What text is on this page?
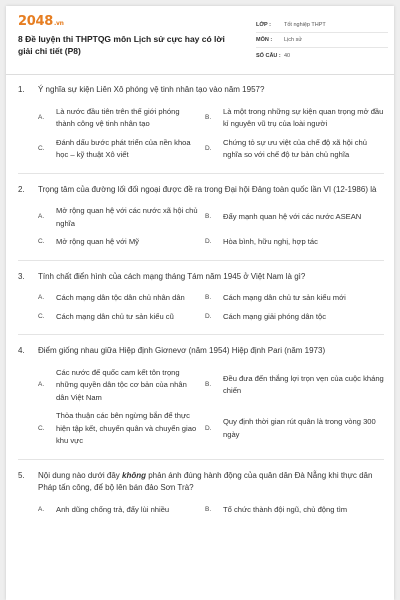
2048.vn
8 Đề luyện thi THPTQG môn Lịch sử cực hay có lời giải chi tiết (P8)
LỚP :	Tốt nghiệp THPT
MÔN :	Lịch sử
SỐ CÂU : 40
1.	Ý nghĩa sự kiện Liên Xô phóng vệ tinh nhân tạo vào năm 1957?
A.
Là nước đầu tiên trên thế giới phóng thành công vệ tinh nhân tạo
B.
Là một trong những sự kiện quan trọng mở đầu kỉ nguyên vũ trụ của loài người
C.
Đánh dấu bước phát triển của nền khoa học – kỹ thuật Xô viết
D.
Chứng tỏ sự ưu việt của chế độ xã hội chủ nghĩa so với chế độ tư bản chủ nghĩa
2.	Trọng tâm của đường lối đối ngoại được đề ra trong Đại hội Đảng toàn quốc lần VI (12-1986) là
A.
Mở rộng quan hệ với các nước xã hội chủ nghĩa
B.	Đẩy mạnh quan hệ với các nước ASEAN
C.	Mở rộng quan hệ với Mỹ	D.	Hòa bình, hữu nghị, hợp tác
3.	Tính chất điển hình của cách mạng tháng Tám năm 1945 ở Việt Nam là gì?
A.	Cách mạng dân tộc dân chủ nhân dân	B.	Cách mạng dân chủ tư sản kiểu mới
C.	Cách mạng dân chủ tư sản kiểu cũ	D.	Cách mạng giải phóng dân tộc
4.	Điểm giống nhau giữa Hiệp định Giơnevơ (năm 1954) Hiệp định Pari (năm 1973)
A.
Các nước đế quốc cam kết tôn trọng những quyền dân tộc cơ bản của nhân dân Việt Nam
B.
Đều đưa đến thắng lợi trọn vẹn của cuộc kháng chiến
C.
Thỏa thuận các bên ngừng bắn để thực hiện tập kết, chuyển quân và chuyển giao khu vực
D.
Quy định thời gian rút quân là trong vòng 300 ngày
5.	Nội dung nào dưới đây không phản ánh đúng hành động của quân dân Đà Nẵng khi thực dân Pháp tấn công, để bộ lên bán đảo Sơn Trà?
A.	Anh dũng chống trả, đẩy lùi nhiều	B.	Tổ chức thành đội ngũ, chủ động tìm
